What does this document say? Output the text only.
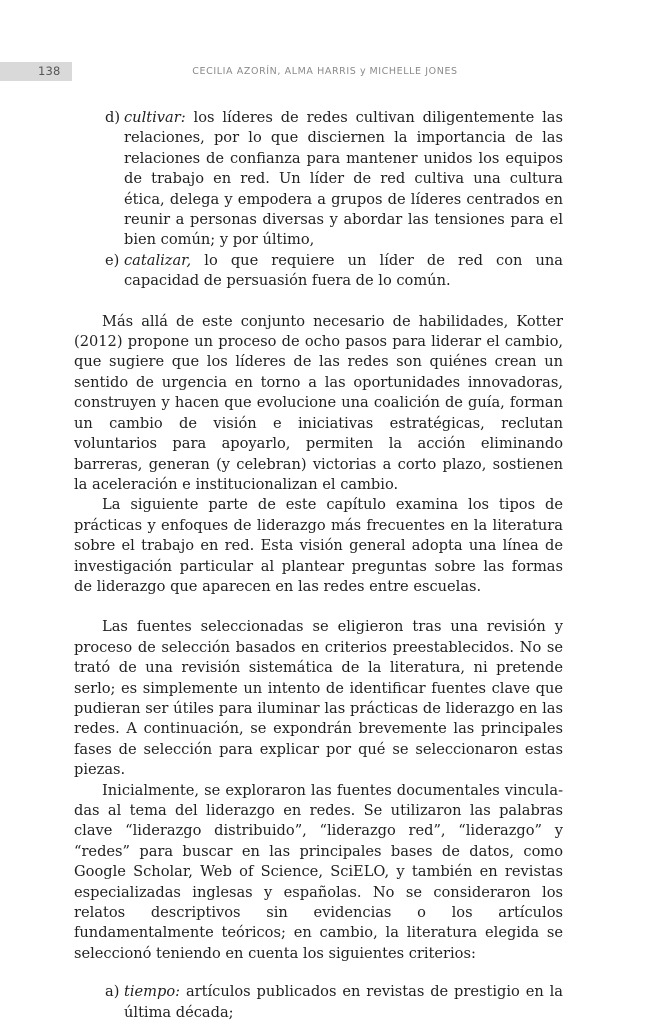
138	CECILIA AZORÍN, ALMA HARRIS y MICHELLE JONES
d) cultivar: los líderes de redes cultivan diligentemente las relaciones, por lo que disciernen la importancia de las relaciones de confianza para mantener unidos los equipos de trabajo en red. Un líder de red cultiva una cultura ética, delega y empodera a grupos de líderes centrados en reunir a personas diversas y abordar las tensiones para el bien común; y por último,
e) catalizar, lo que requiere un líder de red con una capacidad de persuasión fuera de lo común.

Más allá de este conjunto necesario de habilidades, Kotter (2012) propone un proceso de ocho pasos para liderar el cambio, que sugiere que los líderes de las redes son quiénes crean un sentido de urgencia en torno a las oportunidades innovadoras, construyen y hacen que evolucione una coalición de guía, forman un cambio de visión e iniciativas estratégicas, reclutan voluntarios para apoyarlo, permiten la acción eliminando barreras, generan (y celebran) victorias a corto plazo, sostienen la aceleración e institucionalizan el cambio.

La siguiente parte de este capítulo examina los tipos de prácticas y enfoques de liderazgo más frecuentes en la literatura sobre el trabajo en red. Esta visión general adopta una línea de investigación particular al plantear preguntas sobre las formas de liderazgo que aparecen en las redes entre escuelas.

Las fuentes seleccionadas se eligieron tras una revisión y proceso de selección basados en criterios preestablecidos. No se trató de una revisión sistemática de la literatura, ni pretende serlo; es simplemente un intento de identificar fuentes clave que pudieran ser útiles para iluminar las prácticas de liderazgo en las redes. A continuación, se expondrán brevemente las principales fases de selección para explicar por qué se seleccionaron estas piezas.

Inicialmente, se exploraron las fuentes documentales vinculadas al tema del liderazgo en redes. Se utilizaron las palabras clave “liderazgo distribuido”, “liderazgo red”, “liderazgo” y “redes” para buscar en las principales bases de datos, como Google Scholar, Web of Science, SciELO, y también en revistas especializadas inglesas y españolas. No se consideraron los relatos descriptivos sin evidencias o los artículos fundamentalmente teóricos; en cambio, la literatura elegida se seleccionó teniendo en cuenta los siguientes criterios:

a) tiempo: artículos publicados en revistas de prestigio en la última década;
